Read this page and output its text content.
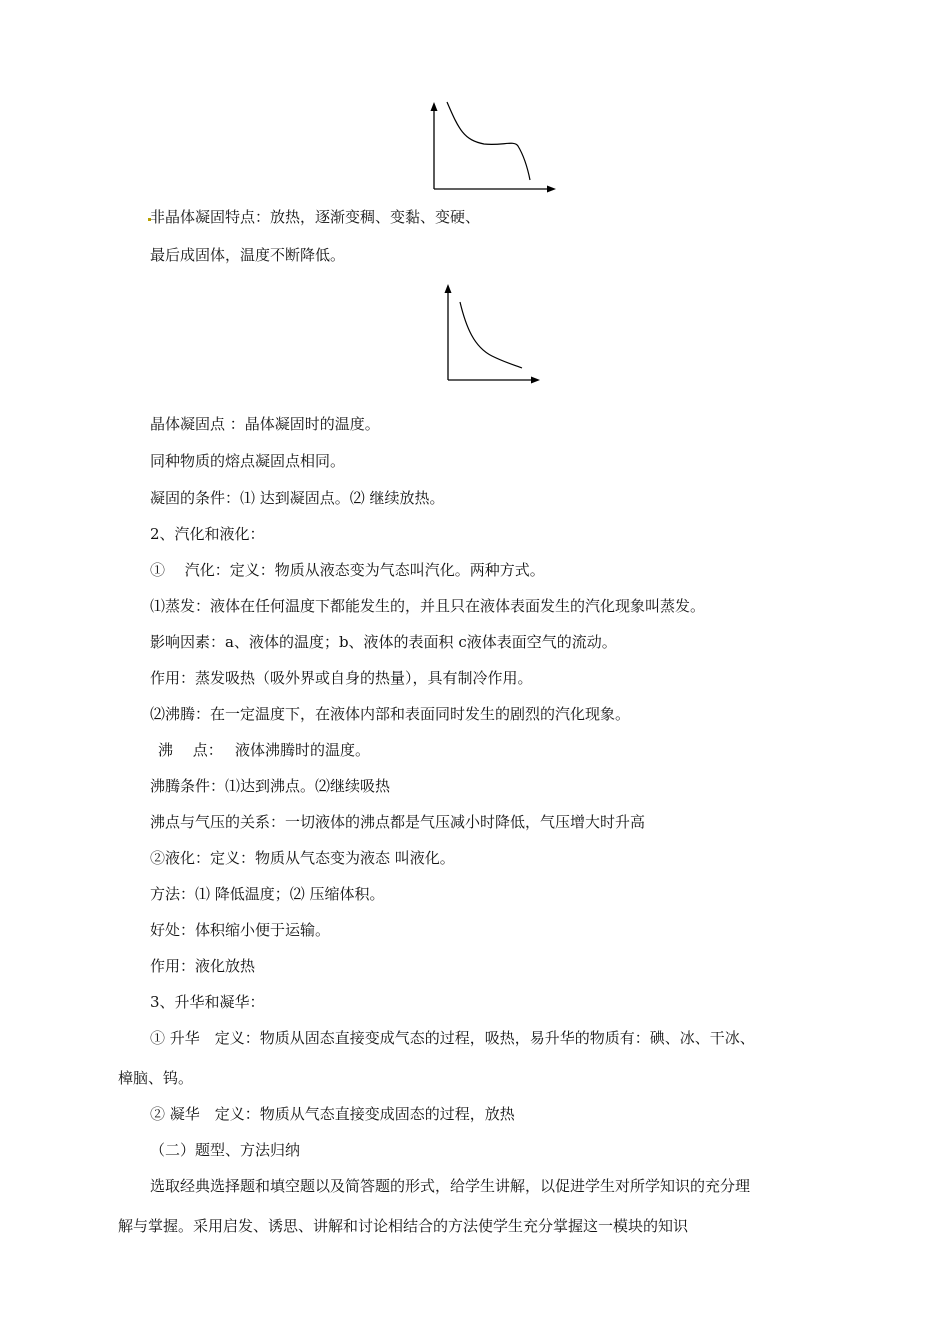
非晶体凝固特点：放热，逐渐变稠、变黏、变硬、

最后成固体，温度不断降低。

晶体凝固点 ：晶体凝固时的温度。

同种物质的熔点凝固点相同。

凝固的条件：⑴ 达到凝固点。⑵ 继续放热。

2、汽化和液化：

①　 汽化：定义：物质从液态变为气态叫汽化。两种方式。

⑴蒸发：液体在任何温度下都能发生的，并且只在液体表面发生的汽化现象叫蒸发。

影响因素：a、液体的温度；b、液体的表面积 c液体表面空气的流动。

作用：蒸发吸热（吸外界或自身的热量），具有制冷作用。

⑵沸腾：在一定温度下，在液体内部和表面同时发生的剧烈的汽化现象。

沸　 点：　 液体沸腾时的温度。

沸腾条件：⑴达到沸点。⑵继续吸热

沸点与气压的关系：一切液体的沸点都是气压减小时降低，气压增大时升高

②液化：定义：物质从气态变为液态 叫液化。

方法：⑴ 降低温度；⑵ 压缩体积。

好处：体积缩小便于运输。

作用：液化放热

3、升华和凝华：

① 升华　定义：物质从固态直接变成气态的过程，吸热，易升华的物质有：碘、冰、干冰、

樟脑、钨。

② 凝华　定义：物质从气态直接变成固态的过程，放热

（二）题型、方法归纳

选取经典选择题和填空题以及简答题的形式，给学生讲解，以促进学生对所学知识的充分理

解与掌握。采用启发、诱思、讲解和讨论相结合的方法使学生充分掌握这一模块的知识
